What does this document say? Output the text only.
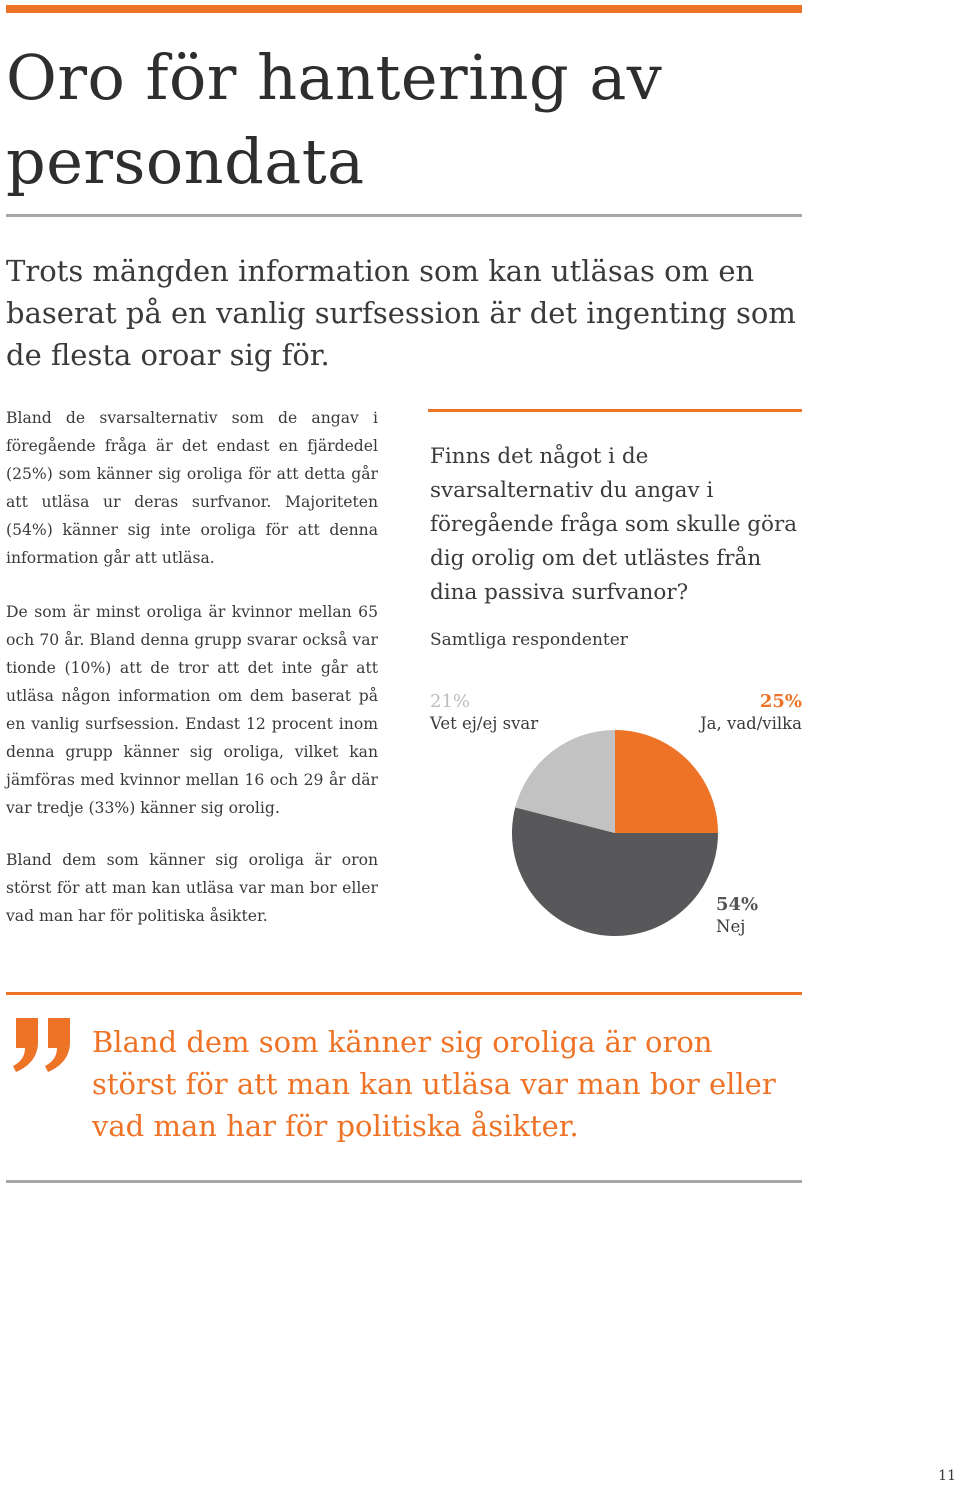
Oro för hantering av persondata

Trots mängden information som kan utläsas om en baserat på en vanlig surfsession är det ingenting som de flesta oroar sig för.

Bland de svarsalternativ som de angav i föregående fråga är det endast en fjärdedel (25%) som känner sig oroliga för att detta går att utläsa ur deras surfvanor. Majoriteten (54%) känner sig inte oroliga för att denna information går att utläsa.

De som är minst oroliga är kvinnor mellan 65 och 70 år. Bland denna grupp svarar också var tionde (10%) att de tror att det inte går att utläsa någon information om dem baserat på en vanlig surfsession. Endast 12 procent inom denna grupp känner sig oroliga, vilket kan jämföras med kvinnor mellan 16 och 29 år där var tredje (33%) känner sig orolig.

Bland dem som känner sig oroliga är oron störst för att man kan utläsa var man bor eller vad man har för politiska åsikter.

Finns det något i de svarsalternativ du angav i föregående fråga som skulle göra dig orolig om det utlästes från dina passiva surfvanor?

Samtliga respondenter

21%
Vet ej/ej svar
25%
Ja, vad/vilka
54%
Nej

Bland dem som känner sig oroliga är oron störst för att man kan utläsa var man bor eller vad man har för politiska åsikter.

11
